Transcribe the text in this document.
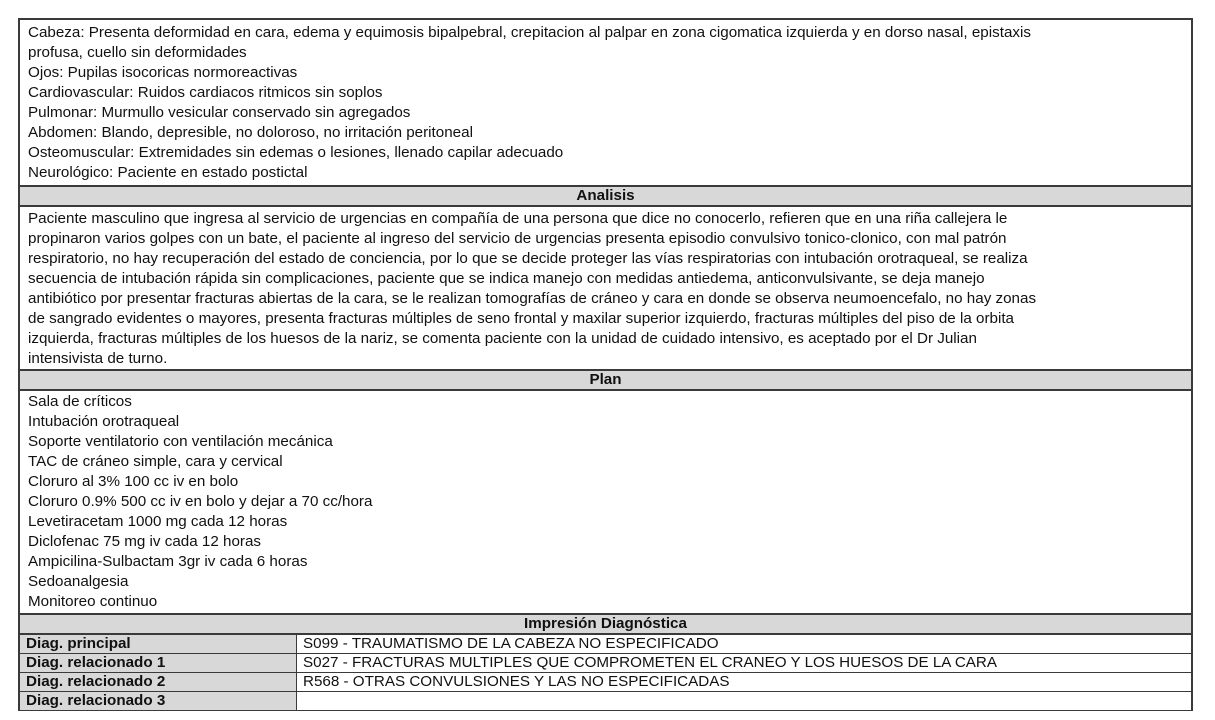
Cabeza: Presenta deformidad en cara, edema y equimosis bipalpebral, crepitacion al palpar en zona cigomatica izquierda y en dorso nasal, epistaxis
profusa, cuello sin deformidades
Ojos: Pupilas isocoricas normoreactivas
Cardiovascular: Ruidos cardiacos ritmicos sin soplos
Pulmonar: Murmullo vesicular conservado sin agregados
Abdomen: Blando, depresible, no doloroso, no irritación peritoneal
Osteomuscular: Extremidades sin edemas o lesiones, llenado capilar adecuado
Neurológico: Paciente en estado postictal
Analisis
Paciente masculino que ingresa al servicio de urgencias en compañía de una persona que dice no conocerlo, refieren que en una riña callejera le
propinaron varios golpes con un bate, el paciente al ingreso del servicio de urgencias presenta episodio convulsivo tonico-clonico, con mal patrón
respiratorio, no hay recuperación del estado de conciencia, por lo que se decide proteger las vías respiratorias con intubación orotraqueal, se realiza
secuencia de intubación rápida sin complicaciones, paciente que se indica manejo con medidas antiedema, anticonvulsivante, se deja manejo
antibiótico por presentar fracturas abiertas de la cara, se le realizan tomografías de cráneo y cara en donde se observa neumoencefalo, no hay zonas
de sangrado evidentes o mayores, presenta fracturas múltiples de seno frontal y maxilar superior izquierdo, fracturas múltiples del piso de la orbita
izquierda, fracturas múltiples de los huesos de la nariz, se comenta paciente con la unidad de cuidado intensivo, es aceptado por el Dr Julian
intensivista de turno.
Plan
Sala de críticos
Intubación orotraqueal
Soporte ventilatorio con ventilación mecánica
TAC de cráneo simple, cara y cervical
Cloruro al 3% 100 cc iv en bolo
Cloruro 0.9% 500 cc iv en bolo y dejar a 70 cc/hora
Levetiracetam 1000 mg cada 12 horas
Diclofenac 75 mg iv cada 12 horas
Ampicilina-Sulbactam 3gr iv cada 6 horas
Sedoanalgesia
Monitoreo continuo
Impresión Diagnóstica
Diag. principal	S099 - TRAUMATISMO DE LA CABEZA NO ESPECIFICADO
Diag. relacionado 1	S027 - FRACTURAS MULTIPLES QUE COMPROMETEN EL CRANEO Y LOS HUESOS DE LA CARA
Diag. relacionado 2	R568 - OTRAS CONVULSIONES Y LAS NO ESPECIFICADAS
Diag. relacionado 3	
